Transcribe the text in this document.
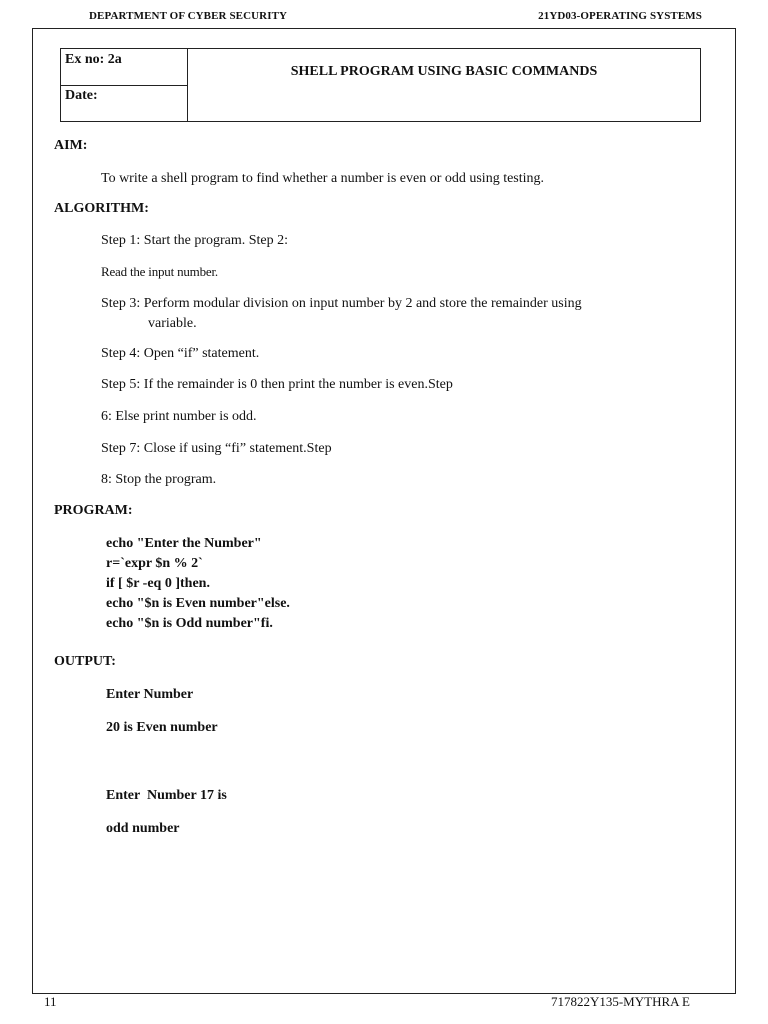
DEPARTMENT OF CYBER SECURITY	21YD03-OPERATING SYSTEMS
Ex no: 2a
Date:
SHELL PROGRAM USING BASIC COMMANDS
AIM:
To write a shell program to find whether a number is even or odd using testing.
ALGORITHM:
Step 1: Start the program. Step 2:
Read the input number.
Step 3: Perform modular division on input number by 2 and store the remainder using
variable.
Step 4: Open “if” statement.
Step 5: If the remainder is 0 then print the number is even.Step
6: Else print number is odd.
Step 7: Close if using “fi” statement.Step
8: Stop the program.
PROGRAM:
echo "Enter the Number"
r=`expr $n % 2`
if [ $r -eq 0 ]then.
echo "$n is Even number"else.
echo "$n is Odd number"fi.
OUTPUT:
Enter Number
20 is Even number
Enter  Number 17 is
odd number
11	717822Y135-MYTHRA E
